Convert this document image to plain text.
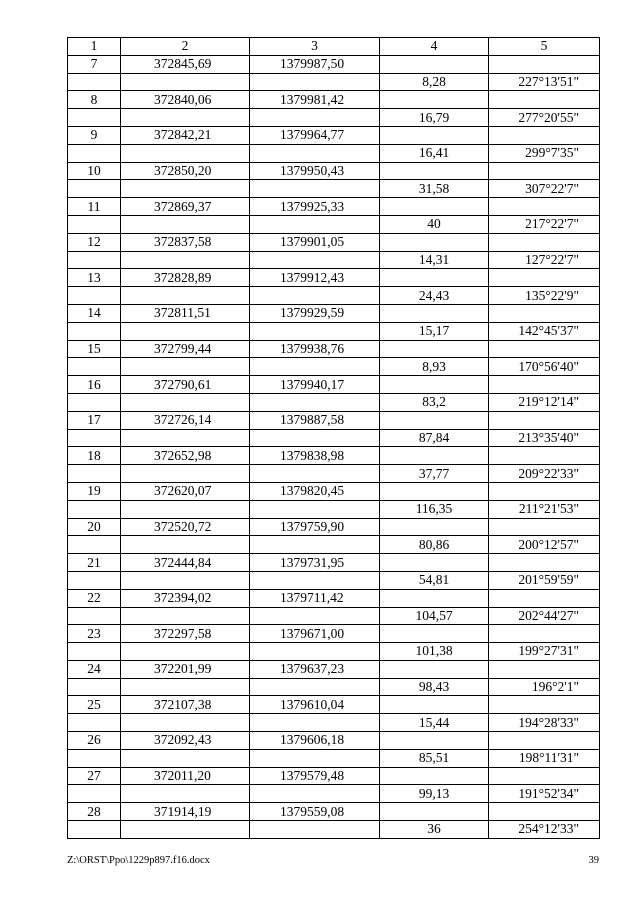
1	2	3	4	5
7	372845,69	1379987,50		
			8,28	227°13'51"
8	372840,06	1379981,42		
			16,79	277°20'55"
9	372842,21	1379964,77		
			16,41	299°7'35"
10	372850,20	1379950,43		
			31,58	307°22'7"
11	372869,37	1379925,33		
			40	217°22'7"
12	372837,58	1379901,05		
			14,31	127°22'7"
13	372828,89	1379912,43		
			24,43	135°22'9"
14	372811,51	1379929,59		
			15,17	142°45'37"
15	372799,44	1379938,76		
			8,93	170°56'40"
16	372790,61	1379940,17		
			83,2	219°12'14"
17	372726,14	1379887,58		
			87,84	213°35'40"
18	372652,98	1379838,98		
			37,77	209°22'33"
19	372620,07	1379820,45		
			116,35	211°21'53"
20	372520,72	1379759,90		
			80,86	200°12'57"
21	372444,84	1379731,95		
			54,81	201°59'59"
22	372394,02	1379711,42		
			104,57	202°44'27"
23	372297,58	1379671,00		
			101,38	199°27'31"
24	372201,99	1379637,23		
			98,43	196°2'1"
25	372107,38	1379610,04		
			15,44	194°28'33"
26	372092,43	1379606,18		
			85,51	198°11'31"
27	372011,20	1379579,48		
			99,13	191°52'34"
28	371914,19	1379559,08		
			36	254°12'33"
Z:\ORST\Ppo\1229p897.f16.docx	39
